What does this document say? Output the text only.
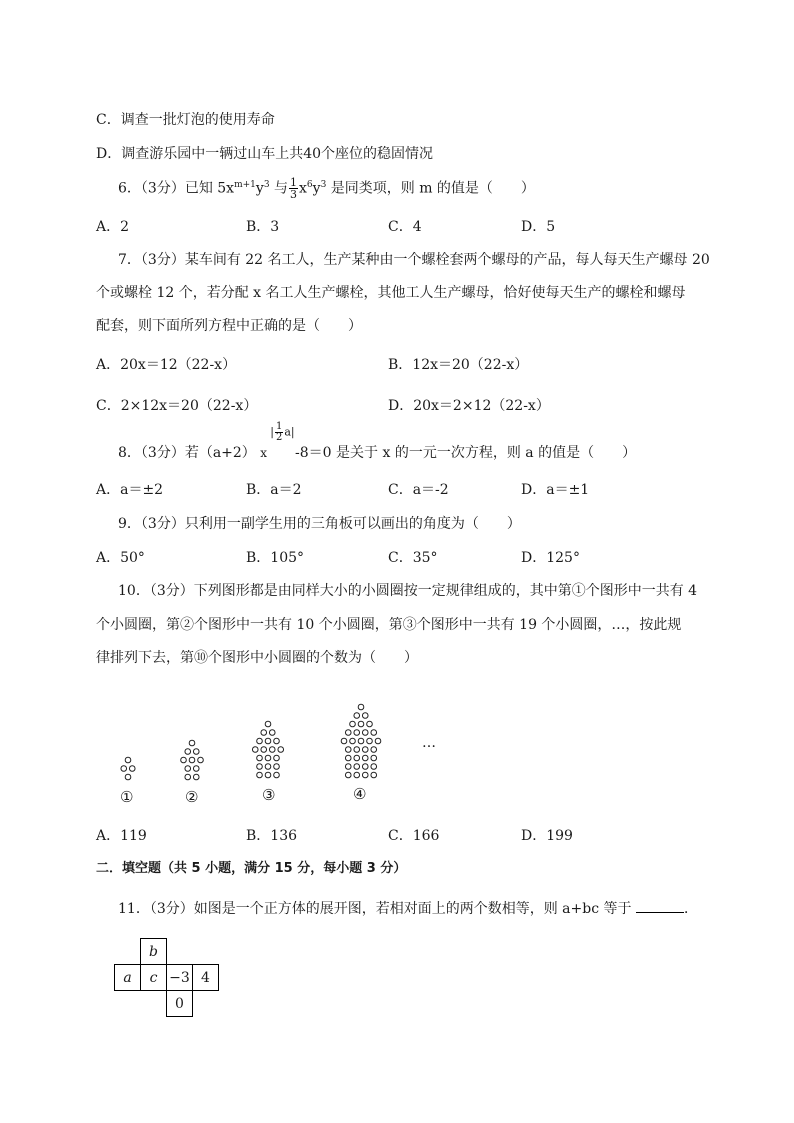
C．调查一批灯泡的使用寿命
D．调查游乐园中一辆过山车上共40个座位的稳固情况
6．（3分）已知 $5x^{m+1}y^3$ 与 $\frac{1}{3} x^6y^3$ 是同类项，则 m 的值是（　　）
A．2	B．3	C．4	D．5
7．（3分）某车间有 22 名工人，生产某种由一个螺栓套两个螺母的产品，每人每天生产螺母 20
个或螺栓 12 个，若分配 x 名工人生产螺栓，其他工人生产螺母，恰好使每天生产的螺栓和螺母
配套，则下面所列方程中正确的是（　　）
A．20x＝12（22-x）	B．12x＝20（22-x）
C．2×12x＝20（22-x）	D．20x＝2×12（22-x）
8．（3分）若（a+2） x
| $\frac{1}{2} a|$
-8＝0 是关于 x 的一元一次方程，则 a 的值是（　　）
A．a＝±2	B．a＝2	C．a＝-2	D．a＝±1
9．（3分）只利用一副学生用的三角板可以画出的角度为（　　）
A．50°	B．105°	C．35°	D．125°
10．（3分）下列图形都是由同样大小的小圆圈按一定规律组成的，其中第①个图形中一共有 4
个小圆圈，第②个图形中一共有 10 个小圆圈，第③个图形中一共有 19 个小圆圈，…，按此规
律排列下去，第⑩个图形中小圆圈的个数为（　　）
①	②	③	④
…
A．119	B．136	C．166	D．199
二．填空题（共 5 小题，满分 15 分，每小题 3 分）
11．（3分）如图是一个正方体的展开图，若相对面上的两个数相等，则 a+bc 等于	．
b
a c −3 4
0
